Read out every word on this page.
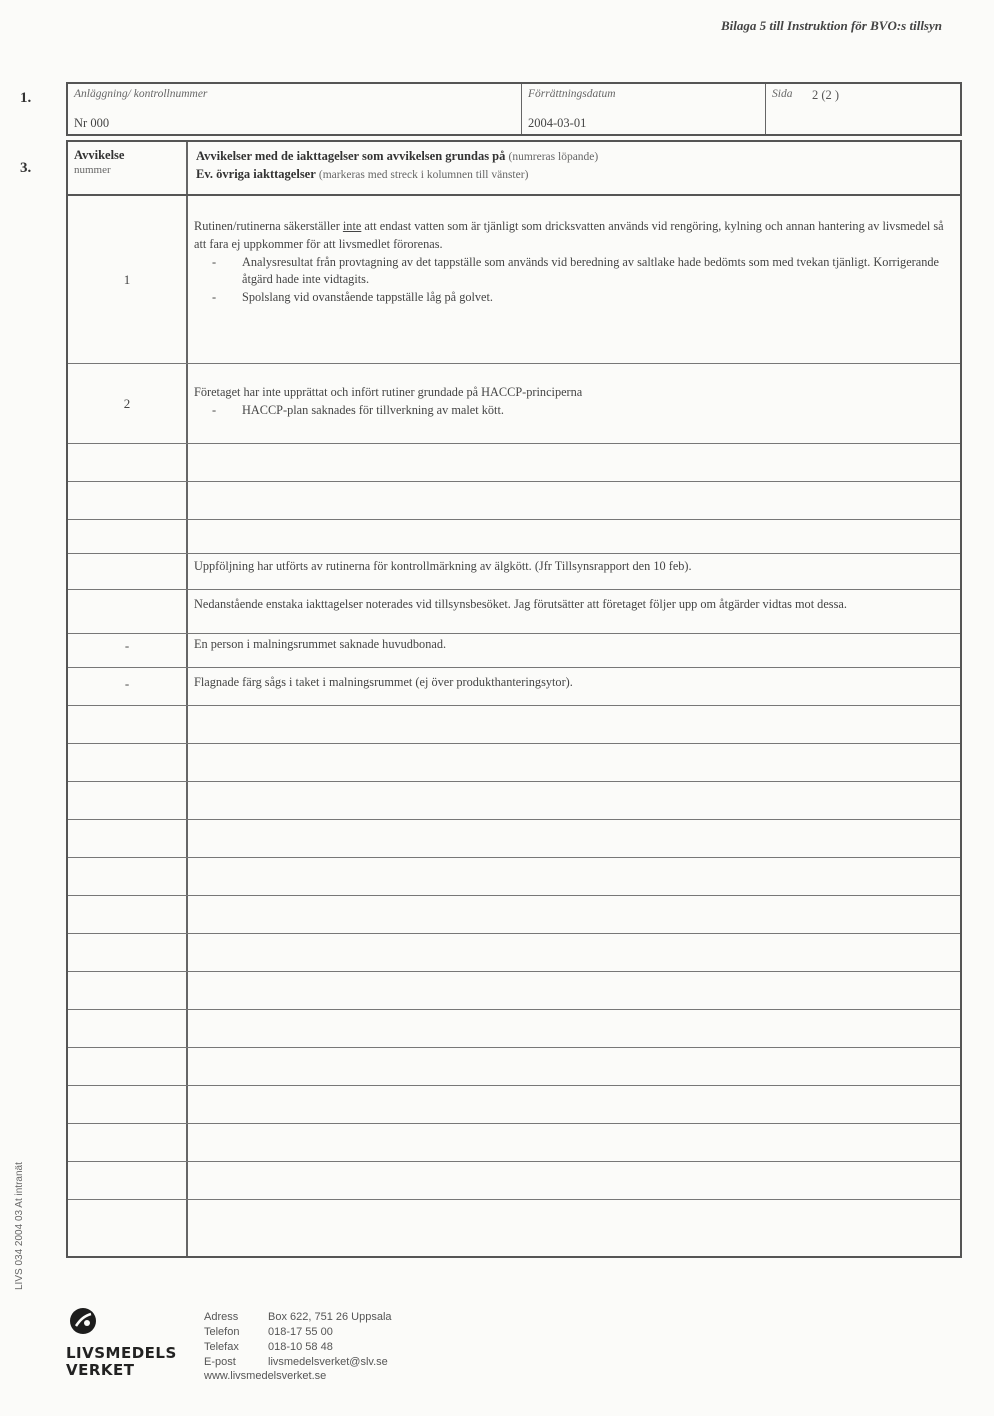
Bilaga 5 till Instruktion för BVO:s tillsyn
1.
3.
Anläggning/ kontrollnummer
Nr 000
Förrättningsdatum
2004-03-01
Sida 2 (2 )
Avvikelse
nummer
Avvikelser med de iakttagelser som avvikelsen grundas på (numreras löpande)
Ev. övriga iakttagelser (markeras med streck i kolumnen till vänster)
1
Rutinen/rutinerna säkerställer inte att endast vatten som är tjänligt som dricksvatten används vid rengöring, kylning och annan hantering av livsmedel så att fara ej uppkommer för att livsmedlet förorenas.
- Analysresultat från provtagning av det tappställe som används vid beredning av saltlake hade bedömts som med tvekan tjänligt. Korrigerande åtgärd hade inte vidtagits.
- Spolslang vid ovanstående tappställe låg på golvet.
2
Företaget har inte upprättat och infört rutiner grundade på HACCP-principerna
- HACCP-plan saknades för tillverkning av malet kött.
Uppföljning har utförts av rutinerna för kontrollmärkning av älgkött. (Jfr Tillsynsrapport den 10 feb).
Nedanstående enstaka iakttagelser noterades vid tillsynsbesöket. Jag förutsätter att företaget följer upp om åtgärder vidtas mot dessa.
-	En person i malningsrummet saknade huvudbonad.
-	Flagnade färg sågs i taket i malningsrummet (ej över produkthanteringsytor).
LIVS 034 2004 03 At intranät
LIVSMEDELS
VERKET
Adress	Box 622, 751 26 Uppsala
Telefon	018-17 55 00
Telefax	018-10 58 48
E-post	livsmedelsverket@slv.se
www.livsmedelsverket.se
